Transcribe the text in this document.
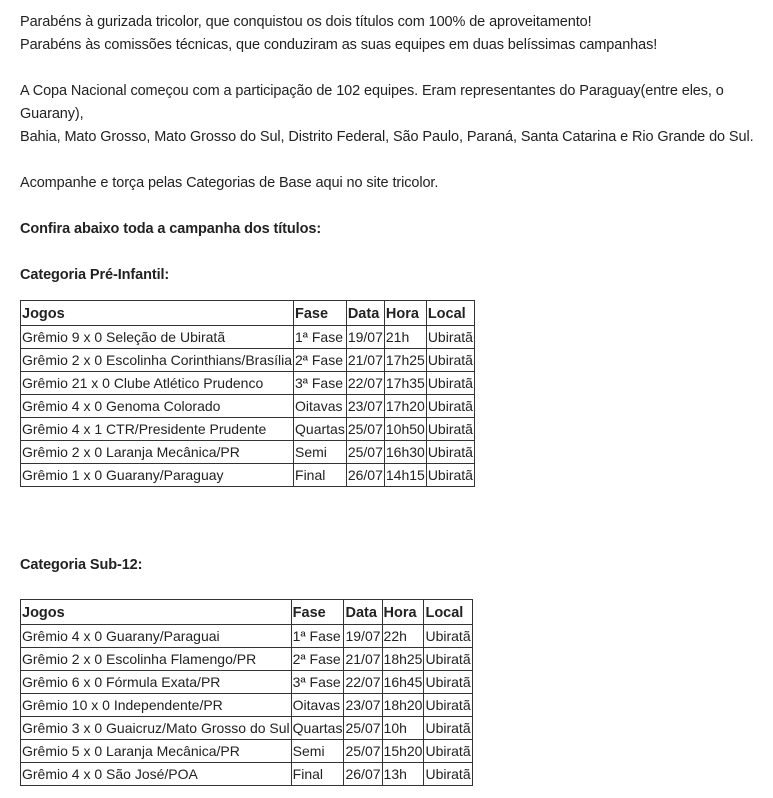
Parabéns à gurizada tricolor, que conquistou os dois títulos com 100% de aproveitamento!

Parabéns às comissões técnicas, que conduziram as suas equipes em duas belíssimas campanhas!

A Copa Nacional começou com a participação de 102 equipes. Eram representantes do Paraguay(entre eles, o Guarany),

Bahia, Mato Grosso, Mato Grosso do Sul, Distrito Federal, São Paulo, Paraná, Santa Catarina e Rio Grande do Sul.

Acompanhe e torça pelas Categorias de Base aqui no site tricolor.

Confira abaixo toda a campanha dos títulos:

Categoria Pré-Infantil:

Jogos	Fase	Data	Hora	Local
Grêmio 9 x 0 Seleção de Ubiratã	1ª Fase	19/07	21h	Ubiratã
Grêmio 2 x 0 Escolinha Corinthians/Brasília	2ª Fase	21/07	17h25	Ubiratã
Grêmio 21 x 0 Clube Atlético Prudenco	3ª Fase	22/07	17h35	Ubiratã
Grêmio 4 x 0 Genoma Colorado	Oitavas	23/07	17h20	Ubiratã
Grêmio 4 x 1 CTR/Presidente Prudente	Quartas	25/07	10h50	Ubiratã
Grêmio 2 x 0 Laranja Mecânica/PR	Semi	25/07	16h30	Ubiratã
Grêmio 1 x 0 Guarany/Paraguay	Final	26/07	14h15	Ubiratã

Categoria Sub-12:

Jogos	Fase	Data	Hora	Local
Grêmio 4 x 0 Guarany/Paraguai	1ª Fase	19/07	22h	Ubiratã
Grêmio 2 x 0 Escolinha Flamengo/PR	2ª Fase	21/07	18h25	Ubiratã
Grêmio 6 x 0 Fórmula Exata/PR	3ª Fase	22/07	16h45	Ubiratã
Grêmio 10 x 0 Independente/PR	Oitavas	23/07	18h20	Ubiratã
Grêmio 3 x 0 Guaicruz/Mato Grosso do Sul	Quartas	25/07	10h	Ubiratã
Grêmio 5 x 0 Laranja Mecânica/PR	Semi	25/07	15h20	Ubiratã
Grêmio 4 x 0 São José/POA	Final	26/07	13h	Ubiratã
